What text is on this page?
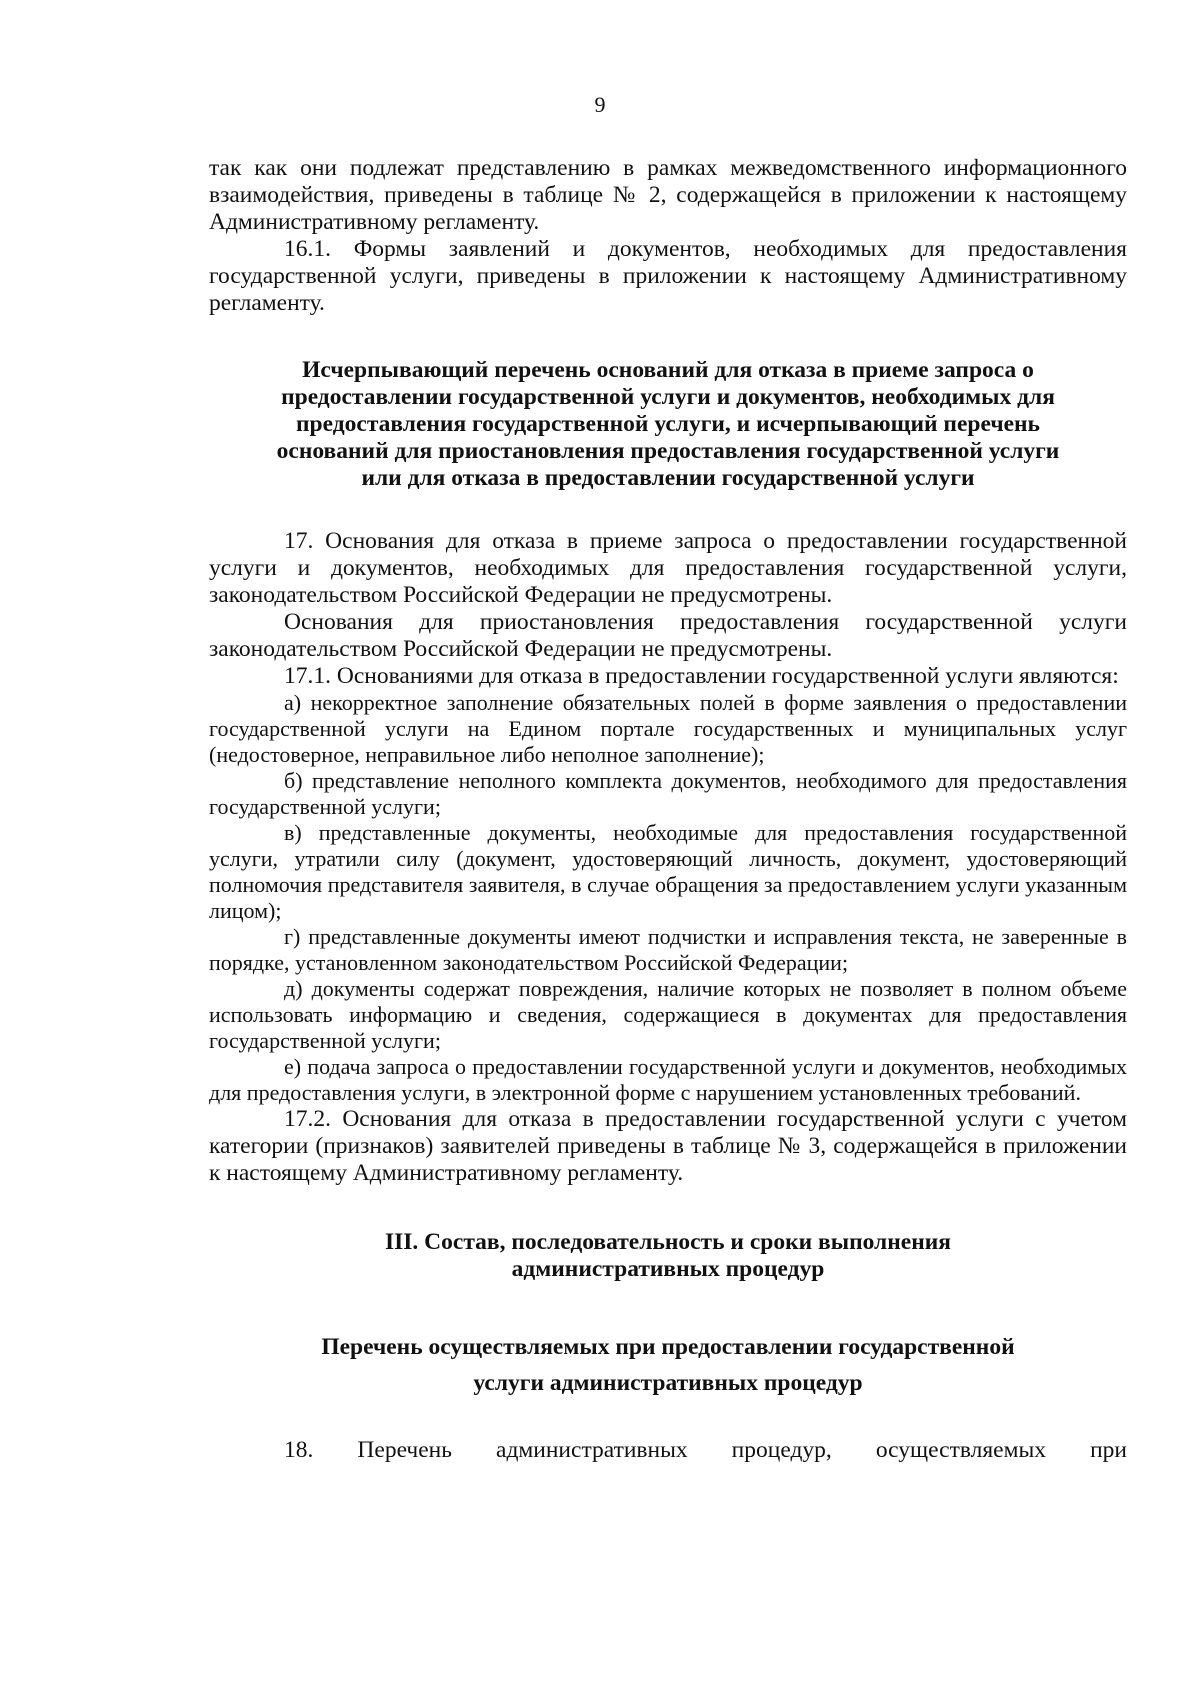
9

так как они подлежат представлению в рамках межведомственного информационного взаимодействия, приведены в таблице № 2, содержащейся в приложении к настоящему Административному регламенту.

16.1. Формы заявлений и документов, необходимых для предоставления государственной услуги, приведены в приложении к настоящему Административному регламенту.

Исчерпывающий перечень оснований для отказа в приеме запроса о
предоставлении государственной услуги и документов, необходимых для
предоставления государственной услуги, и исчерпывающий перечень
оснований для приостановления предоставления государственной услуги
или для отказа в предоставлении государственной услуги

17. Основания для отказа в приеме запроса о предоставлении государственной услуги и документов, необходимых для предоставления государственной услуги, законодательством Российской Федерации не предусмотрены.

Основания для приостановления предоставления государственной услуги законодательством Российской Федерации не предусмотрены.

17.1. Основаниями для отказа в предоставлении государственной услуги являются:

а) некорректное заполнение обязательных полей в форме заявления о предоставлении государственной услуги на Едином портале государственных и муниципальных услуг (недостоверное, неправильное либо неполное заполнение);

б) представление неполного комплекта документов, необходимого для предоставления государственной услуги;

в) представленные документы, необходимые для предоставления государственной услуги, утратили силу (документ, удостоверяющий личность, документ, удостоверяющий полномочия представителя заявителя, в случае обращения за предоставлением услуги указанным лицом);

г) представленные документы имеют подчистки и исправления текста, не заверенные в порядке, установленном законодательством Российской Федерации;

д) документы содержат повреждения, наличие которых не позволяет в полном объеме использовать информацию и сведения, содержащиеся в документах для предоставления государственной услуги;

е) подача запроса о предоставлении государственной услуги и документов, необходимых для предоставления услуги, в электронной форме с нарушением установленных требований.

17.2. Основания для отказа в предоставлении государственной услуги с учетом категории (признаков) заявителей приведены в таблице № 3, содержащейся в приложении к настоящему Административному регламенту.

III. Состав, последовательность и сроки выполнения
административных процедур
Перечень осуществляемых при предоставлении государственной
услуги административных процедур

18. Перечень административных процедур, осуществляемых при
